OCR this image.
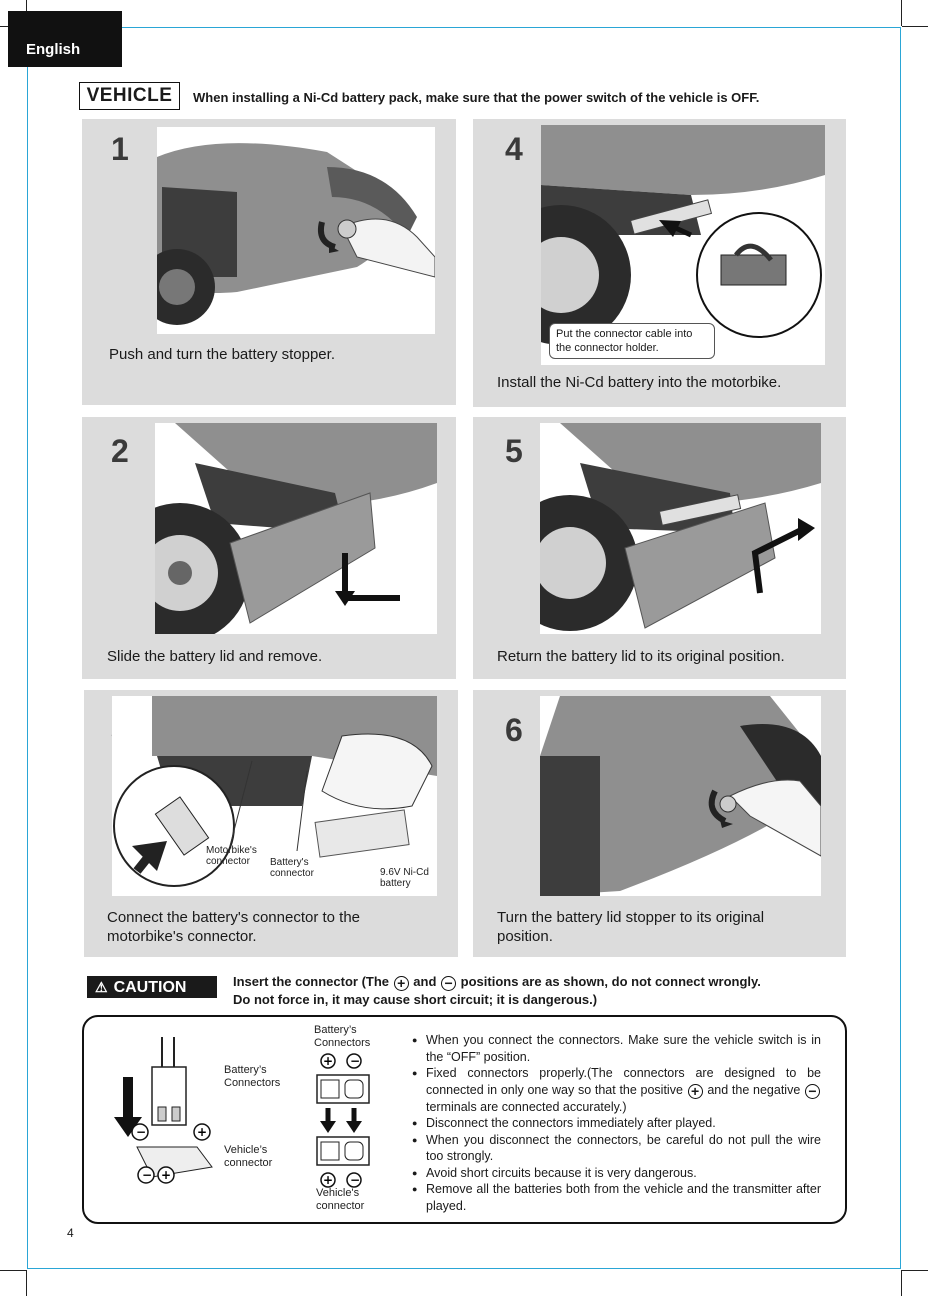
English
VEHICLE	When installing a Ni-Cd battery pack, make sure that the power switch of the vehicle is OFF.
1
Push and turn the battery stopper.
2
Slide the battery lid and remove.
Motorbike's connector	Battery's connector	9.6V Ni-Cd battery
Connect the battery's connector to the motorbike's connector.
4
Install the Ni-Cd battery into the motorbike.
Put the connector cable into the connector holder.
5
Return the battery lid to its original position.
6
Turn the battery lid stopper to its original position.
⚠ CAUTION	Insert the connector (The + and − positions are as shown, do not connect wrongly.
Do not force in, it may cause short circuit; it is dangerous.)
−	+
− +
Battery’s Connectors
Vehicle’s connector
Battery’s Connectors
+ −
+ −
Vehicle's connector
● When you connect the connectors. Make sure the vehicle switch is in the “OFF” position.
● Fixed connectors properly.(The connectors are designed to be connected in only one way so that the positive + and the negative − terminals are connected accurately.)
● Disconnect the connectors immediately after played.
● When you disconnect the connectors, be careful do not pull the wire too strongly.
● Avoid short circuits because it is very dangerous.
● Remove all the batteries both from the vehicle and the transmitter after played.
4
